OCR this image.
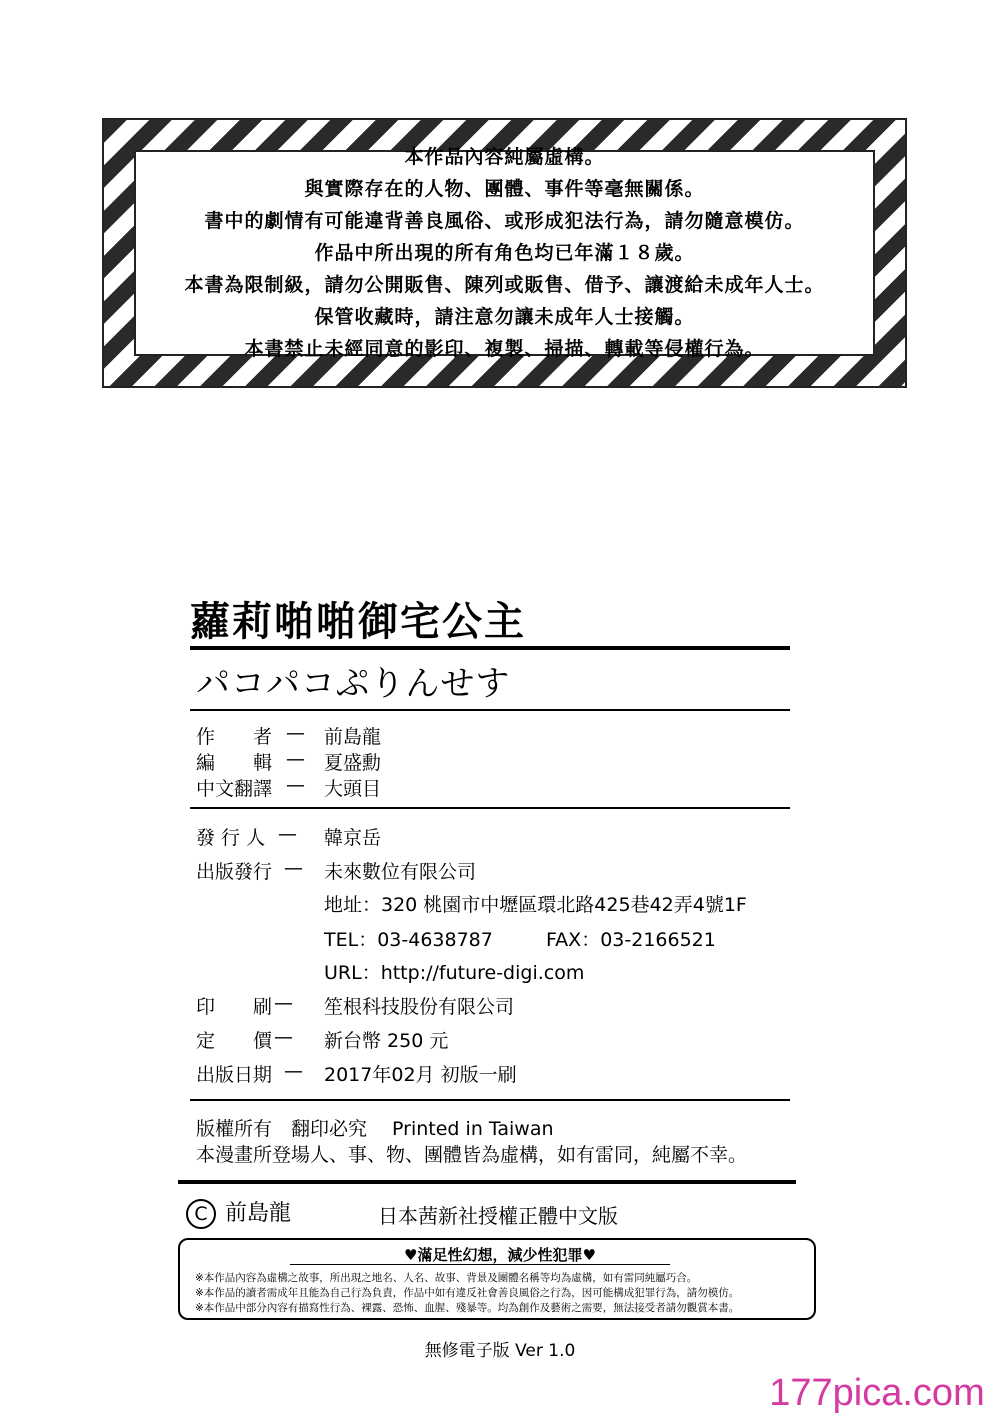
本作品內容純屬虛構。
與實際存在的人物、團體、事件等毫無關係。
書中的劇情有可能違背善良風俗、或形成犯法行為，請勿隨意模仿。
作品中所出現的所有角色均已年滿１８歲。
本書為限制級，請勿公開販售、陳列或販售、借予、讓渡給未成年人士。
保管收藏時，請注意勿讓未成年人士接觸。
本書禁止未經同意的影印、複製、掃描、轉載等侵權行為。
蘿莉啪啪御宅公主
パコパコぷりんせす
作　　者 — 前島龍
編　　輯 — 夏盛勳
中文翻譯 — 大頭目
發 行 人 — 韓京岳
出版發行 — 未來數位有限公司
地址：320 桃園市中壢區環北路425巷42弄4號1F
TEL：03-4638787	FAX：03-2166521
URL：http://future-digi.com
印　　刷 — 笙根科技股份有限公司
定　　價 — 新台幣 250 元
出版日期 — 2017年02月 初版一刷
版權所有　翻印必究　 Printed in Taiwan
本漫畫所登場人、事、物、團體皆為虛構，如有雷同，純屬不幸。
C 前島龍	日本茜新社授權正體中文版
♥滿足性幻想，減少性犯罪♥
※本作品內容為虛構之故事，所出現之地名、人名、故事、背景及團體名稱等均為虛構，如有雷同純屬巧合。
※本作品的讀者需成年且能為自己行為負責，作品中如有違反社會善良風俗之行為，因可能構成犯罪行為，請勿模仿。
※本作品中部分內容有描寫性行為、裸露、恐怖、血腥、殘暴等。均為創作及藝術之需要，無法接受者請勿觀賞本書。
無修電子版 Ver 1.0
177pica.com
